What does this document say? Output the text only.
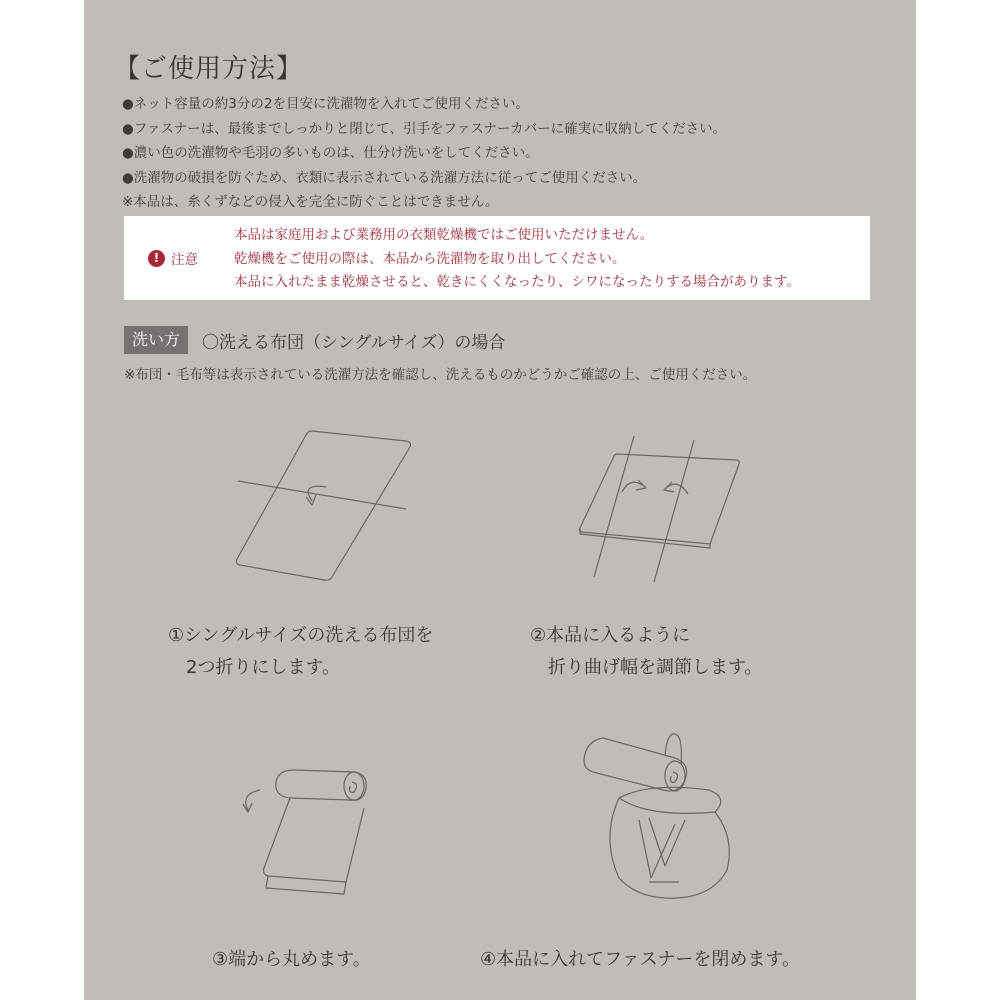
【ご使用方法】
●ネット容量の約3分の2を目安に洗濯物を入れてご使用ください。
●ファスナーは、最後までしっかりと閉じて、引手をファスナーカバーに確実に収納してください。
●濃い色の洗濯物や毛羽の多いものは、仕分け洗いをしてください。
●洗濯物の破損を防ぐため、衣類に表示されている洗濯方法に従ってご使用ください。
※本品は、糸くずなどの侵入を完全に防ぐことはできません。
! 注意
本品は家庭用および業務用の衣類乾燥機ではご使用いただけません。
乾燥機をご使用の際は、本品から洗濯物を取り出してください。
本品に入れたまま乾燥させると、乾きにくくなったり、シワになったりする場合があります。
洗い方	〇洗える布団（シングルサイズ）の場合
※布団・毛布等は表示されている洗濯方法を確認し、洗えるものかどうかご確認の上、ご使用ください。
①シングルサイズの洗える布団を
2つ折りにします。
②本品に入るように
折り曲げ幅を調節します。
③端から丸めます。	④本品に入れてファスナーを閉めます。
